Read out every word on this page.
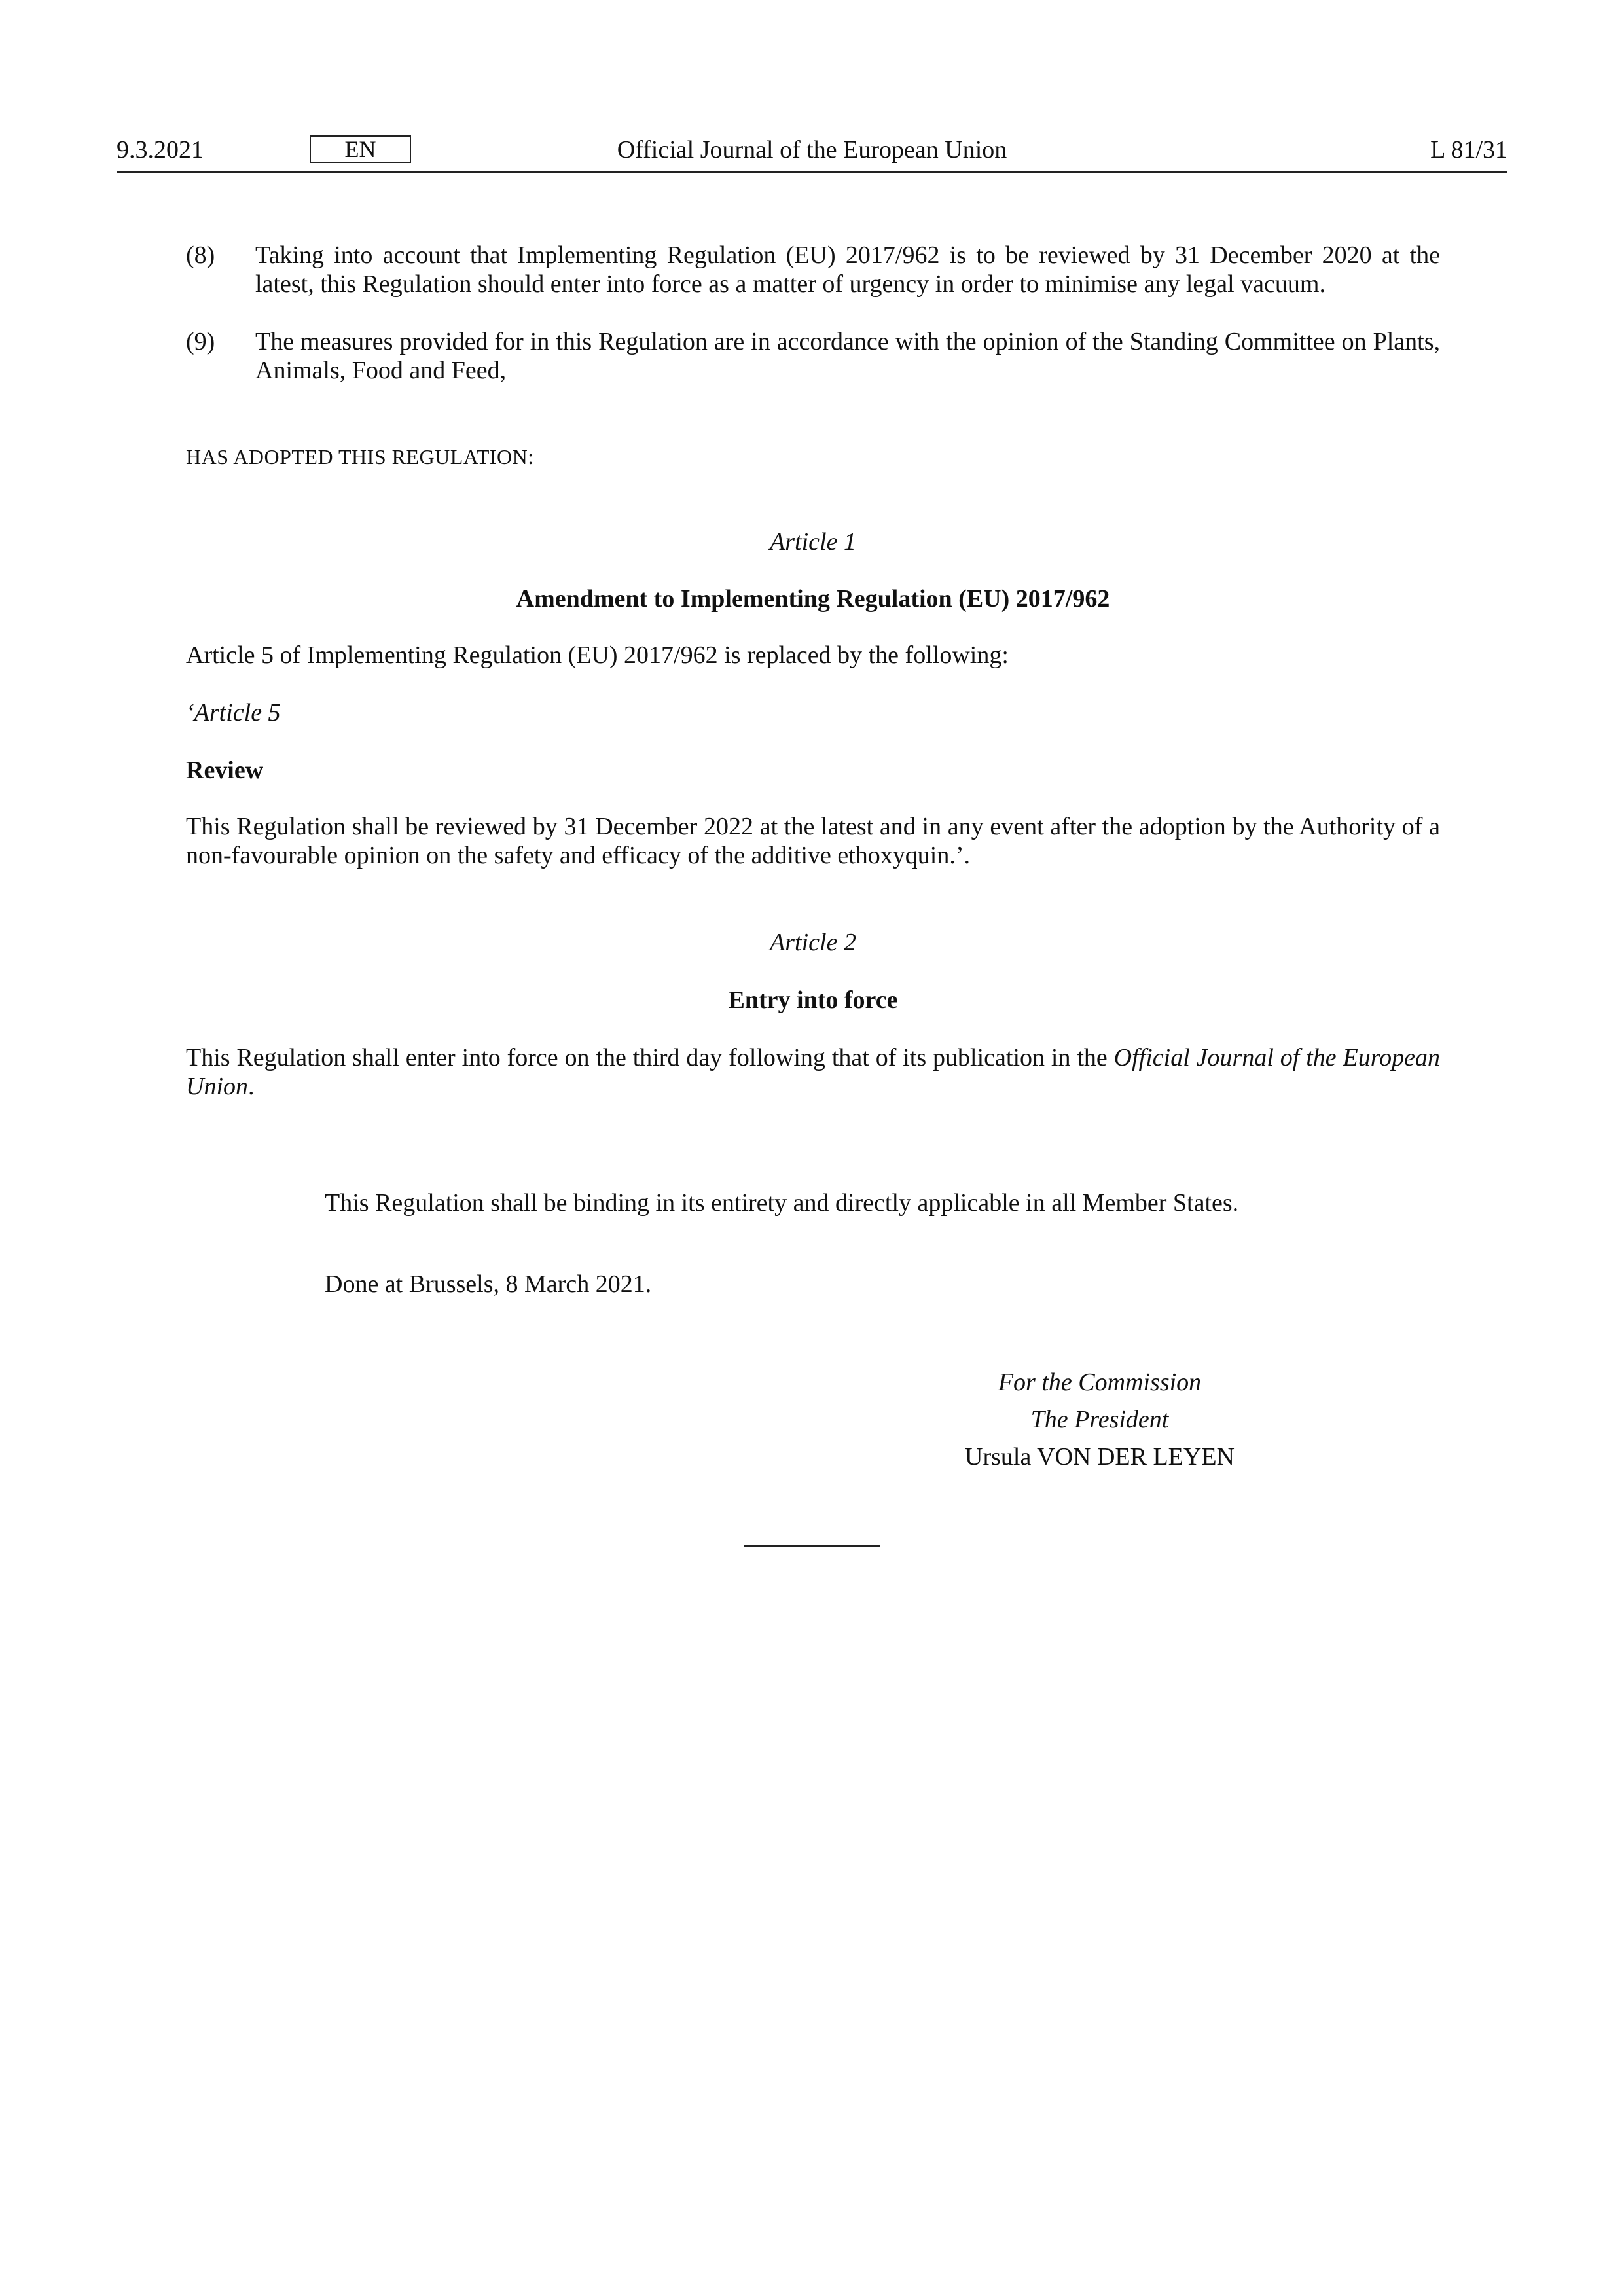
9.3.2021	EN	Official Journal of the European Union	L 81/31
(8) Taking into account that Implementing Regulation (EU) 2017/962 is to be reviewed by 31 December 2020 at the latest, this Regulation should enter into force as a matter of urgency in order to minimise any legal vacuum.
(9) The measures provided for in this Regulation are in accordance with the opinion of the Standing Committee on Plants, Animals, Food and Feed,
HAS ADOPTED THIS REGULATION:
Article 1
Amendment to Implementing Regulation (EU) 2017/962
Article 5 of Implementing Regulation (EU) 2017/962 is replaced by the following:
‘Article 5
Review
This Regulation shall be reviewed by 31 December 2022 at the latest and in any event after the adoption by the Authority of a non-favourable opinion on the safety and efficacy of the additive ethoxyquin.’.
Article 2
Entry into force
This Regulation shall enter into force on the third day following that of its publication in the Official Journal of the European Union.
This Regulation shall be binding in its entirety and directly applicable in all Member States.
Done at Brussels, 8 March 2021.
For the Commission
The President
Ursula VON DER LEYEN
